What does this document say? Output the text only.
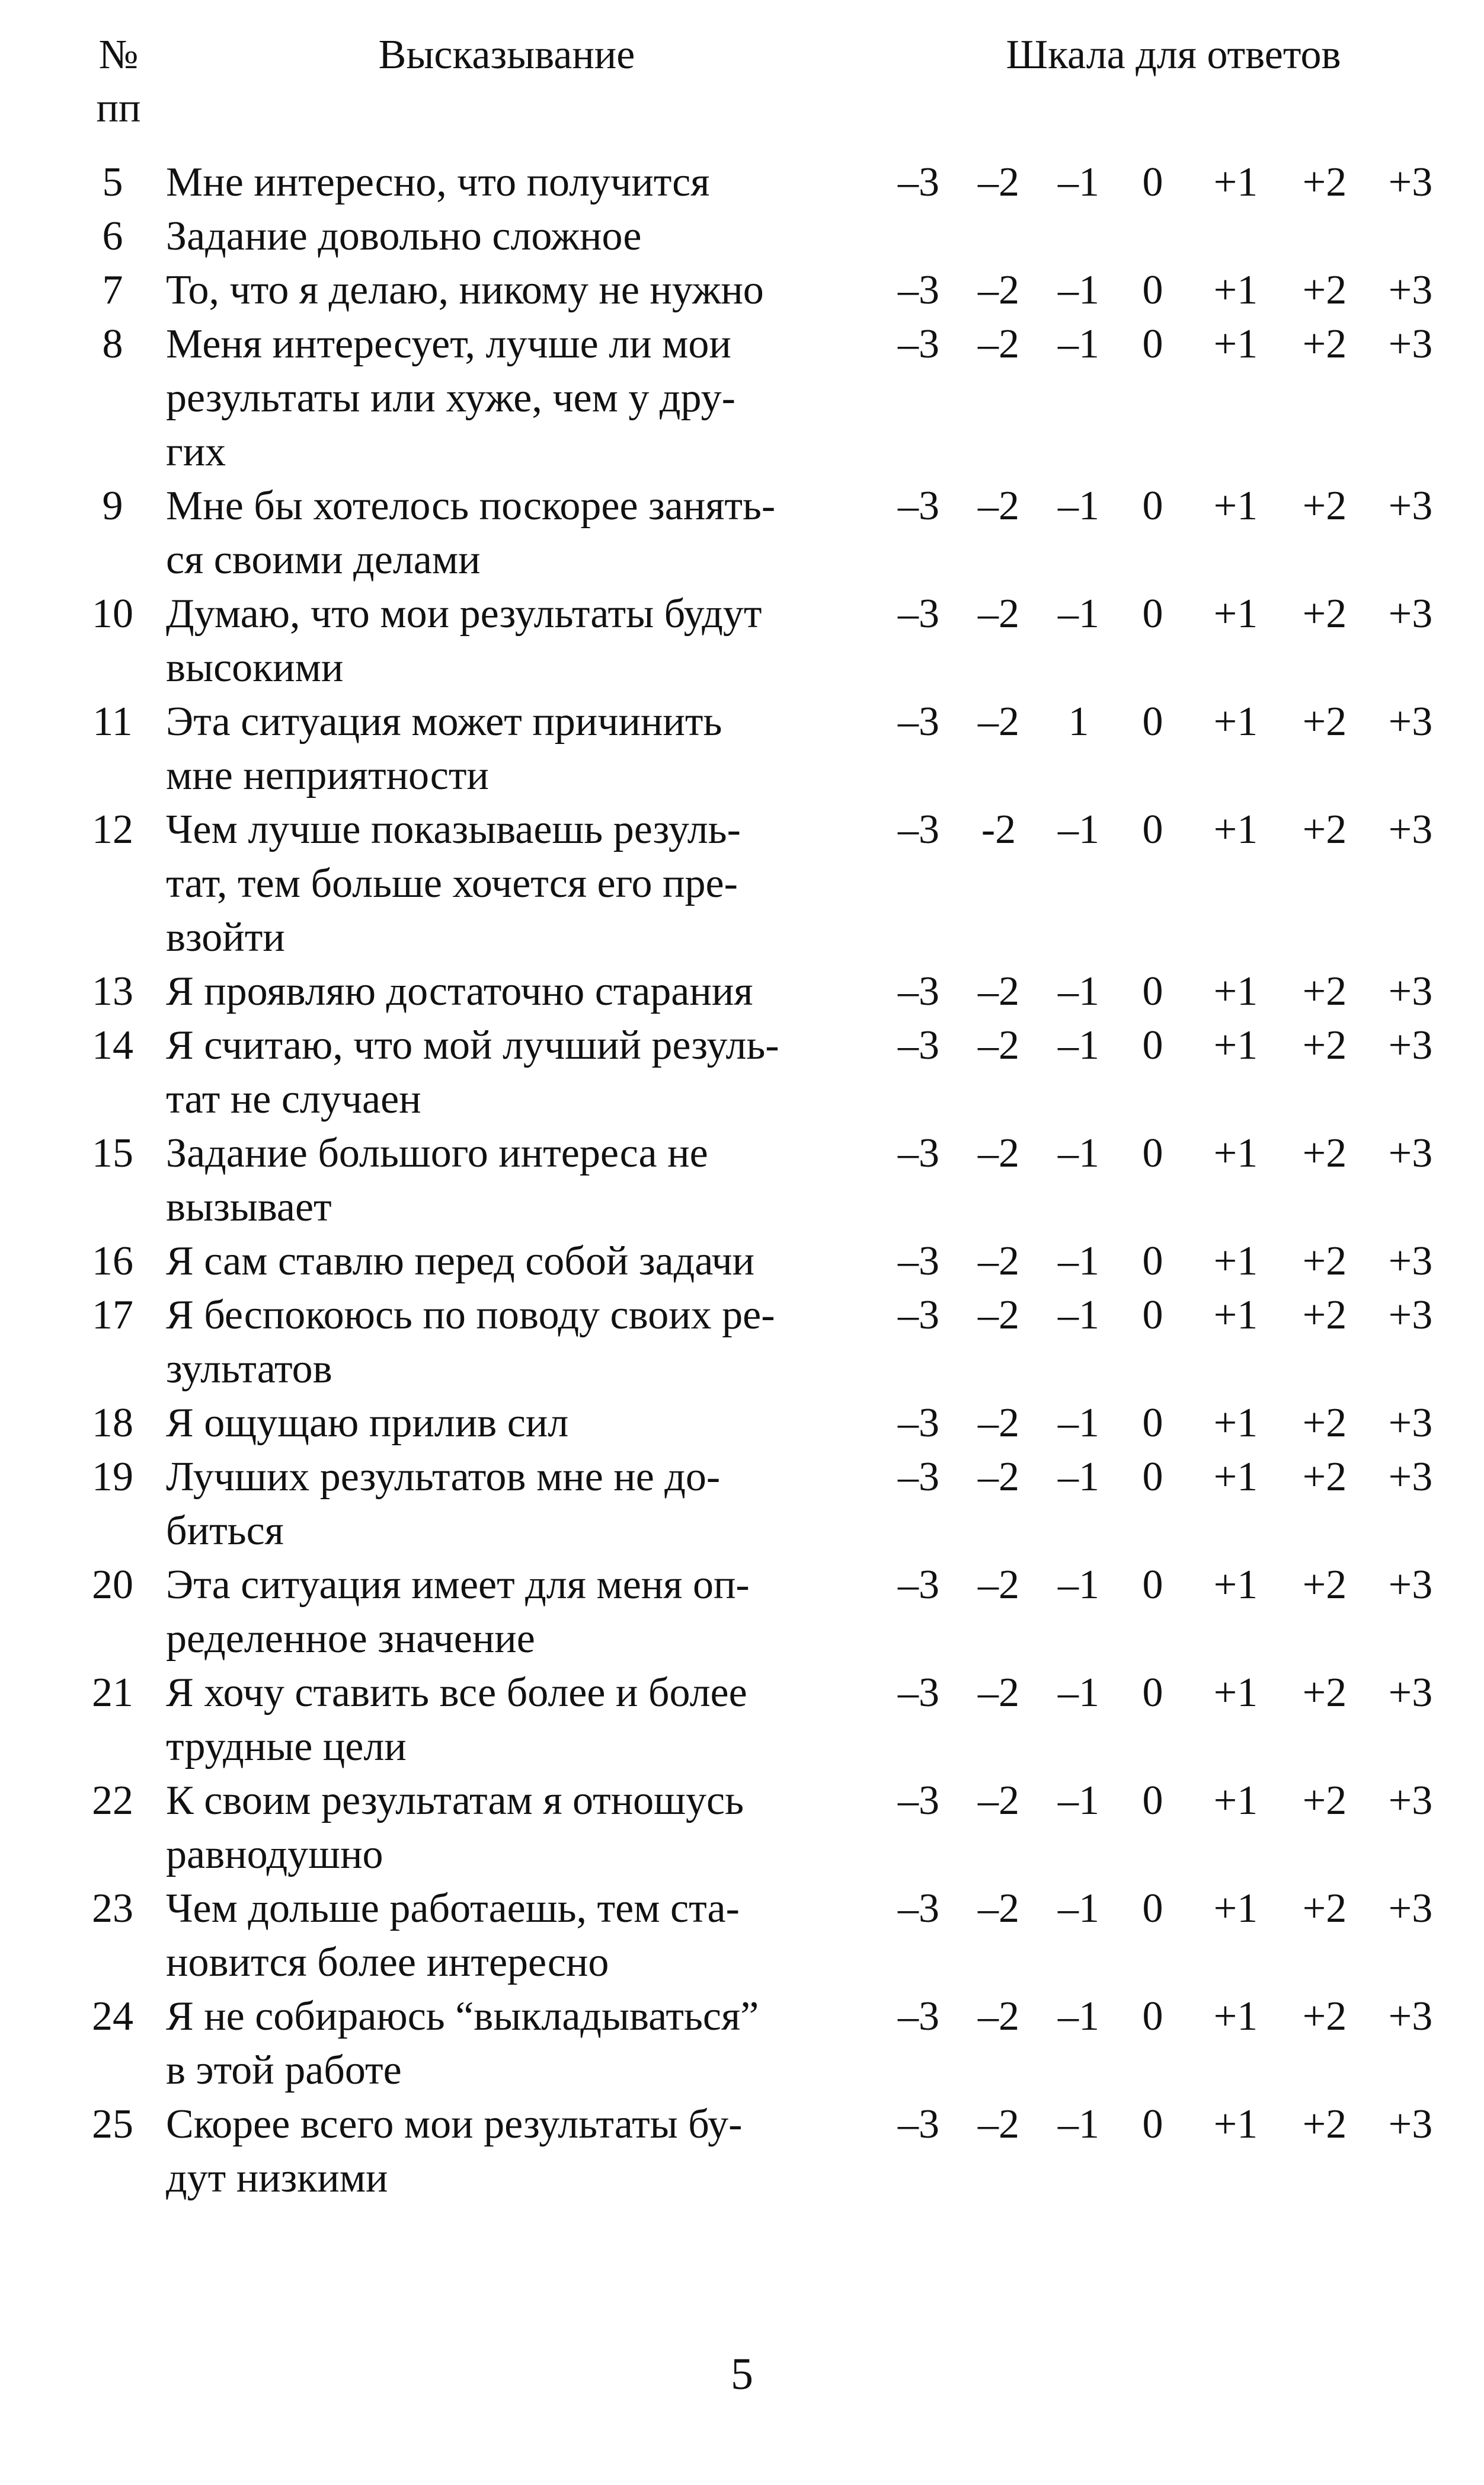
№
пп
Высказывание	Шкала для ответов
5	Мне интересно, что получится	–3 –2 –1	0	+1	+2	+3
6	Задание довольно сложное
7	То, что я делаю, никому не нужно	–3 –2 –1	0	+1	+2	+3
8	Меня интересует, лучше ли мои
результаты или хуже, чем у дру-
гих
–3 –2 –1	0	+1	+2	+3
9	Мне бы хотелось поскорее занять-
ся своими делами
–3 –2 –1	0	+1	+2	+3
10 Думаю, что мои результаты будут
высокими
–3 –2 –1	0	+1	+2	+3
11 Эта ситуация может причинить
мне неприятности
–3 –2	1	0	+1	+2	+3
12 Чем лучше показываешь резуль-
тат, тем больше хочется его пре-
взойти
–3	-2	–1	0	+1	+2	+3
13 Я проявляю достаточно старания	–3 –2 –1	0	+1	+2	+3
14 Я считаю, что мой лучший резуль-
тат не случаен
–3 –2 –1	0	+1	+2	+3
15 Задание большого интереса не
вызывает
–3 –2 –1	0	+1	+2	+3
16 Я сам ставлю перед собой задачи	–3 –2 –1	0	+1	+2	+3
17 Я беспокоюсь по поводу своих ре-
зультатов
–3 –2 –1	0	+1	+2	+3
18 Я ощущаю прилив сил	–3 –2 –1	0	+1	+2	+3
19 Лучших результатов мне не до-
биться
–3 –2 –1	0	+1	+2	+3
20 Эта ситуация имеет для меня оп-
ределенное значение
–3 –2 –1	0	+1	+2	+3
21 Я хочу ставить все более и более
трудные цели
–3 –2 –1	0	+1	+2	+3
22 К своим результатам я отношусь
равнодушно
–3 –2 –1	0	+1	+2	+3
23 Чем дольше работаешь, тем ста-
новится более интересно
–3 –2 –1	0	+1	+2	+3
24 Я не собираюсь “выкладываться”
в этой работе
–3 –2 –1	0	+1	+2	+3
25 Скорее всего мои результаты бу-
дут низкими
–3 –2 –1	0	+1	+2	+3
5
